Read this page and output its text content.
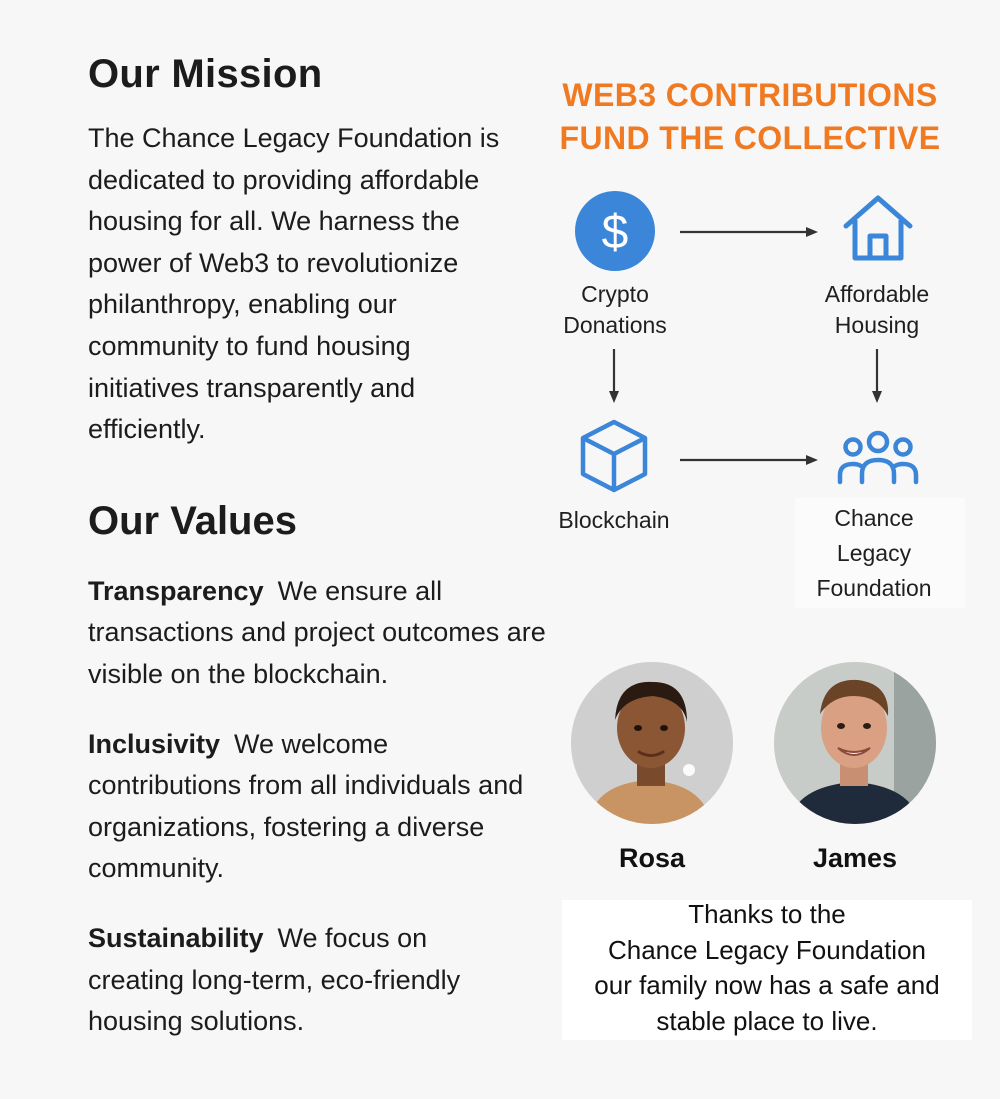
Our Mission

The Chance Legacy Foundation is dedicated to providing affordable housing for all. We harness the power of Web3 to revolutionize philanthropy, enabling our community to fund housing initiatives transparently and efficiently.

Our Values

Transparency We ensure all transactions and project outcomes are visible on the blockchain.

Inclusivity We welcome contributions from all individuals and organizations, fostering a diverse community.

Sustainability We focus on creating long-term, eco-friendly housing solutions.

WEB3 CONTRIBUTIONS
FUND THE COLLECTIVE
$
Crypto
Donations
Affordable
Housing
Blockchain	Chance
Legacy
Foundation
Rosa	James
Thanks to the
Chance Legacy Foundation
our family now has a safe and
stable place to live.
